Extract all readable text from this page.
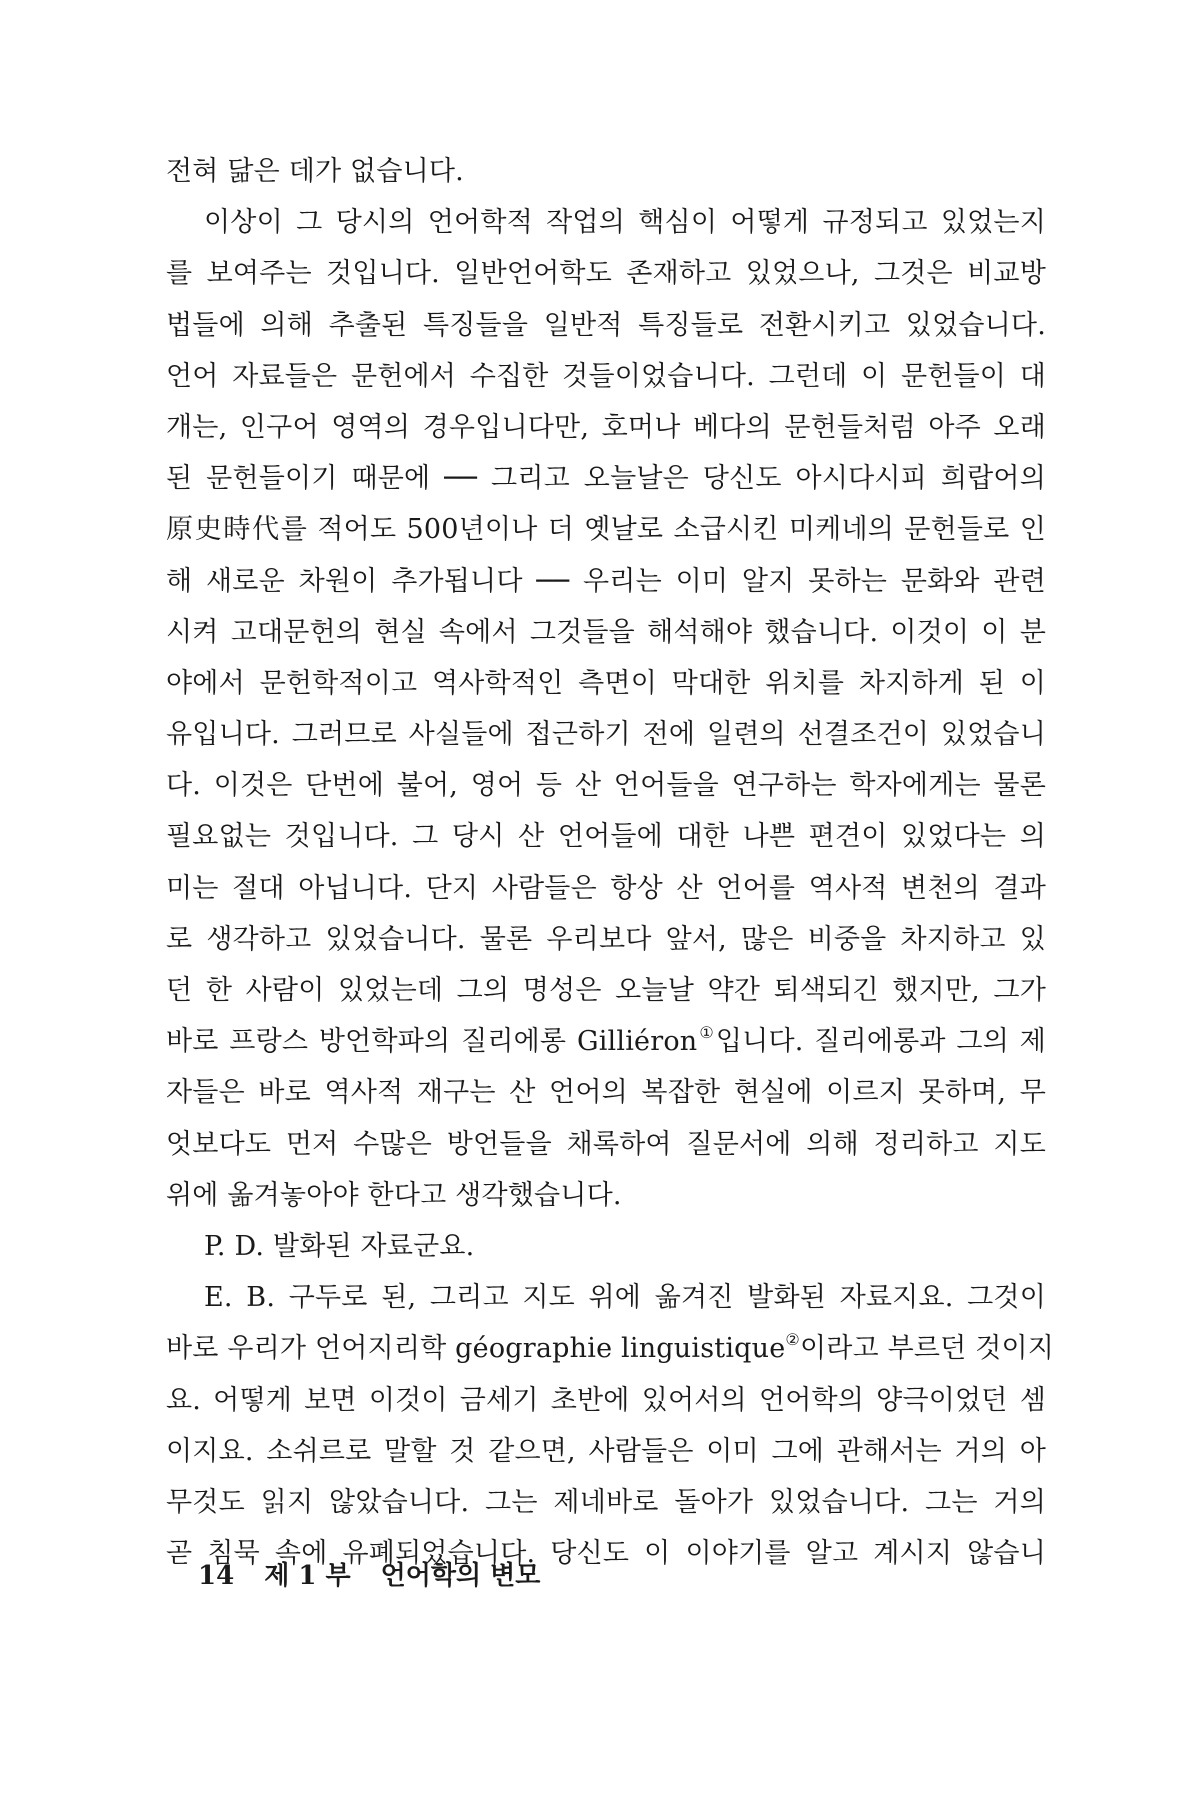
전혀 닮은 데가 없습니다.
이상이 그 당시의 언어학적 작업의 핵심이 어떻게 규정되고 있었는지
를 보여주는 것입니다. 일반언어학도 존재하고 있었으나, 그것은 비교방
법들에 의해 추출된 특징들을 일반적 특징들로 전환시키고 있었습니다.
언어 자료들은 문헌에서 수집한 것들이었습니다. 그런데 이 문헌들이 대
개는, 인구어 영역의 경우입니다만, 호머나 베다의 문헌들처럼 아주 오래
된 문헌들이기 때문에 ── 그리고 오늘날은 당신도 아시다시피 희랍어의
原史時代를 적어도 500년이나 더 옛날로 소급시킨 미케네의 문헌들로 인
해 새로운 차원이 추가됩니다 ── 우리는 이미 알지 못하는 문화와 관련
시켜 고대문헌의 현실 속에서 그것들을 해석해야 했습니다. 이것이 이 분
야에서 문헌학적이고 역사학적인 측면이 막대한 위치를 차지하게 된 이
유입니다. 그러므로 사실들에 접근하기 전에 일련의 선결조건이 있었습니
다. 이것은 단번에 불어, 영어 등 산 언어들을 연구하는 학자에게는 물론
필요없는 것입니다. 그 당시 산 언어들에 대한 나쁜 편견이 있었다는 의
미는 절대 아닙니다. 단지 사람들은 항상 산 언어를 역사적 변천의 결과
로 생각하고 있었습니다. 물론 우리보다 앞서, 많은 비중을 차지하고 있
던 한 사람이 있었는데 그의 명성은 오늘날 약간 퇴색되긴 했지만, 그가
바로 프랑스 방언학파의 질리에롱 Gilliéron①입니다. 질리에롱과 그의 제
자들은 바로 역사적 재구는 산 언어의 복잡한 현실에 이르지 못하며, 무
엇보다도 먼저 수많은 방언들을 채록하여 질문서에 의해 정리하고 지도
위에 옮겨놓아야 한다고 생각했습니다.
P. D. 발화된 자료군요.
E. B. 구두로 된, 그리고 지도 위에 옮겨진 발화된 자료지요. 그것이
바로 우리가 언어지리학 géographie linguistique②이라고 부르던 것이지
요. 어떻게 보면 이것이 금세기 초반에 있어서의 언어학의 양극이었던 셈
이지요. 소쉬르로 말할 것 같으면, 사람들은 이미 그에 관해서는 거의 아
무것도 읽지 않았습니다. 그는 제네바로 돌아가 있었습니다. 그는 거의
곧 침묵 속에 유폐되었습니다. 당신도 이 이야기를 알고 계시지 않습니
14 제 1 부 언어학의 변모
